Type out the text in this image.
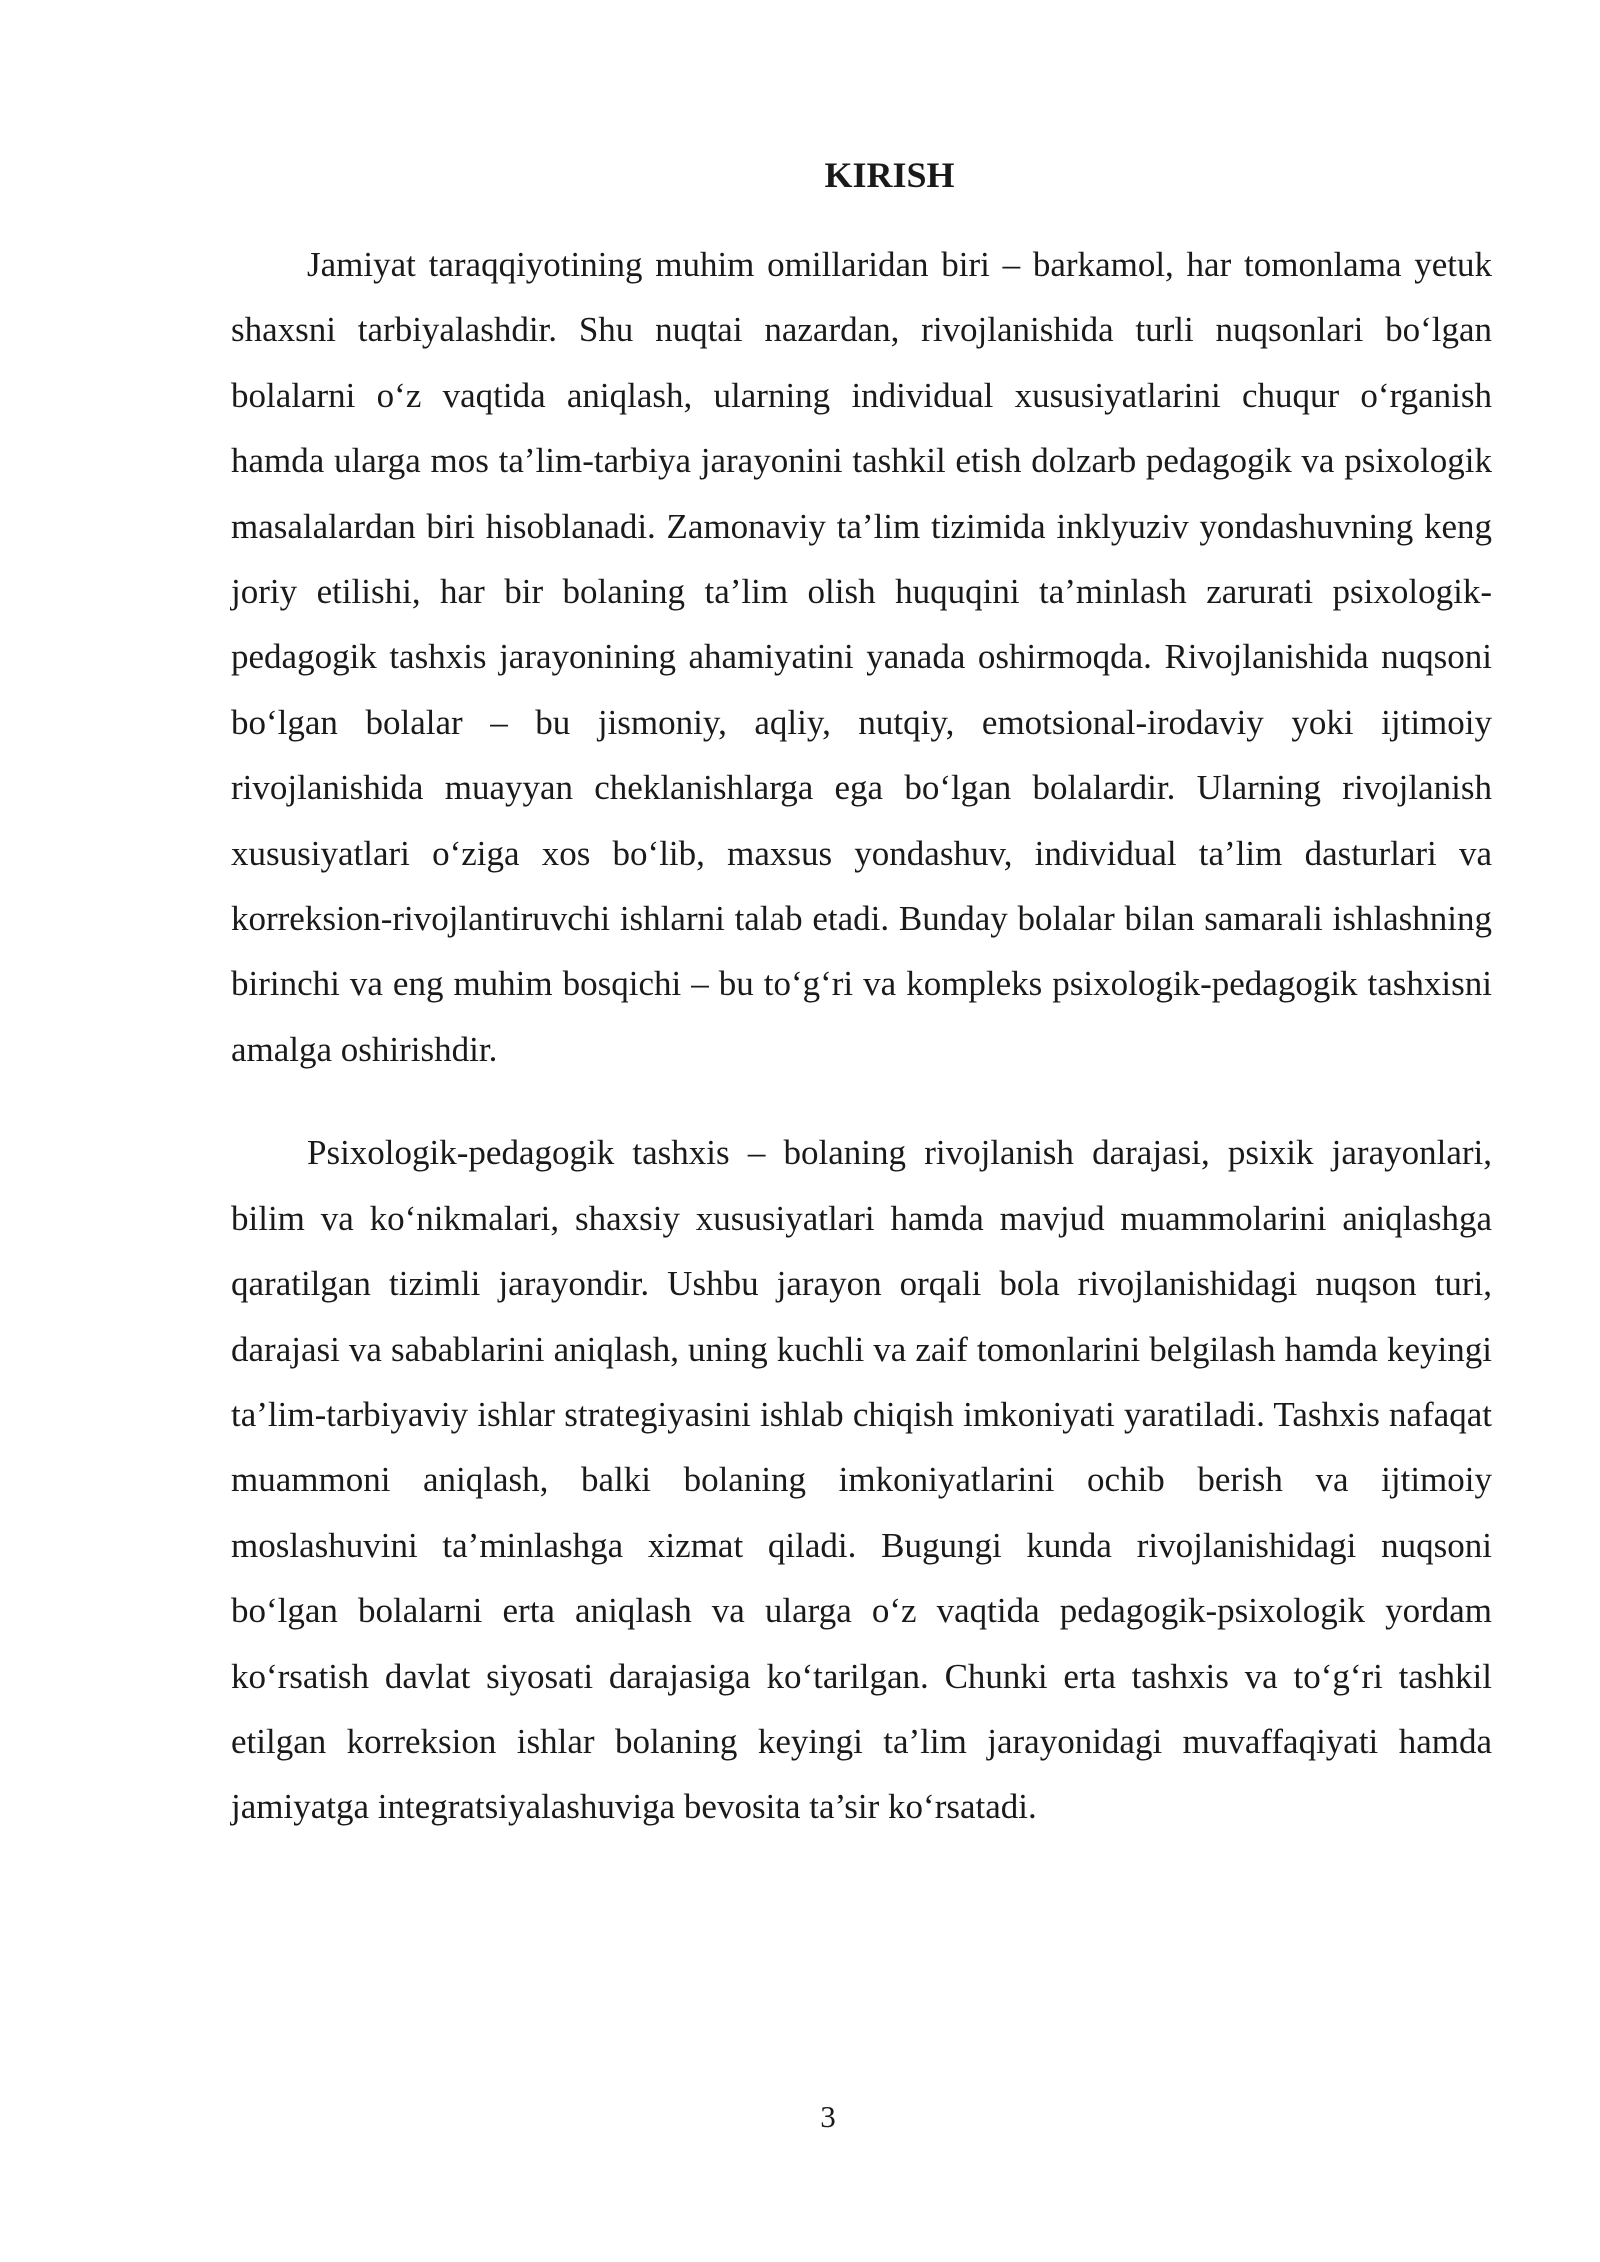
KIRISH

Jamiyat taraqqiyotining muhim omillaridan biri – barkamol, har tomonlama yetuk shaxsni tarbiyalashdir. Shu nuqtai nazardan, rivojlanishida turli nuqsonlari bo‘lgan bolalarni o‘z vaqtida aniqlash, ularning individual xususiyatlarini chuqur o‘rganish hamda ularga mos ta’lim-tarbiya jarayonini tashkil etish dolzarb pedagogik va psixologik masalalardan biri hisoblanadi. Zamonaviy ta’lim tizimida inklyuziv yondashuvning keng joriy etilishi, har bir bolaning ta’lim olish huquqini ta’minlash zarurati psixologik-pedagogik tashxis jarayonining ahamiyatini yanada oshirmoqda. Rivojlanishida nuqsoni bo‘lgan bolalar – bu jismoniy, aqliy, nutqiy, emotsional-irodaviy yoki ijtimoiy rivojlanishida muayyan cheklanishlarga ega bo‘lgan bolalardir. Ularning rivojlanish xususiyatlari o‘ziga xos bo‘lib, maxsus yondashuv, individual ta’lim dasturlari va korreksion-rivojlantiruvchi ishlarni talab etadi. Bunday bolalar bilan samarali ishlashning birinchi va eng muhim bosqichi – bu to‘g‘ri va kompleks psixologik-pedagogik tashxisni amalga oshirishdir.

Psixologik-pedagogik tashxis – bolaning rivojlanish darajasi, psixik jarayonlari, bilim va ko‘nikmalari, shaxsiy xususiyatlari hamda mavjud muammolarini aniqlashga qaratilgan tizimli jarayondir. Ushbu jarayon orqali bola rivojlanishidagi nuqson turi, darajasi va sabablarini aniqlash, uning kuchli va zaif tomonlarini belgilash hamda keyingi ta’lim-tarbiyaviy ishlar strategiyasini ishlab chiqish imkoniyati yaratiladi. Tashxis nafaqat muammoni aniqlash, balki bolaning imkoniyatlarini ochib berish va ijtimoiy moslashuvini ta’minlashga xizmat qiladi. Bugungi kunda rivojlanishidagi nuqsoni bo‘lgan bolalarni erta aniqlash va ularga o‘z vaqtida pedagogik-psixologik yordam ko‘rsatish davlat siyosati darajasiga ko‘tarilgan. Chunki erta tashxis va to‘g‘ri tashkil etilgan korreksion ishlar bolaning keyingi ta’lim jarayonidagi muvaffaqiyati hamda jamiyatga integratsiyalashuviga bevosita ta’sir ko‘rsatadi.

3
